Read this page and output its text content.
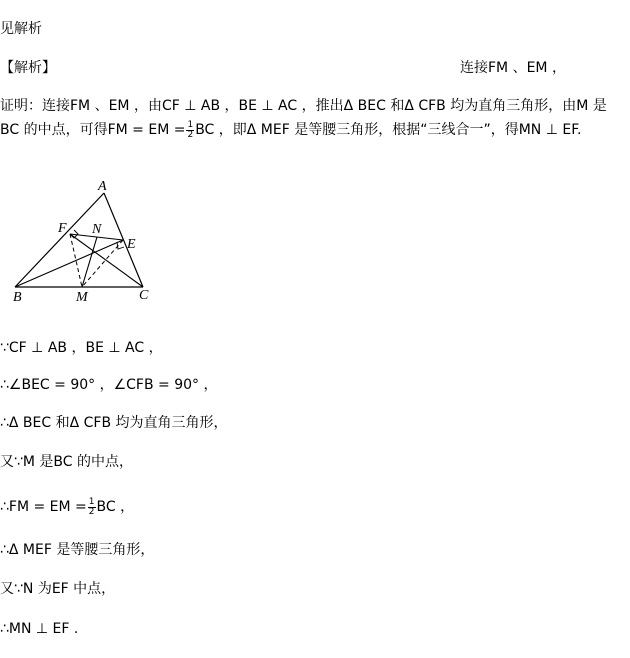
见解析
【解析】	连接FM 、EM ，
证明：连接FM 、EM ，由CF ⊥ AB ，BE ⊥ AC ，推出Δ BEC 和Δ CFB 均为直角三角形，由M 是
BC 的中点，可得FM = EM = $\frac{1}{2}$ BC ，即Δ MEF 是等腰三角形，根据“三线合一”，得MN ⊥ EF.
A
F N
E
B	M	C
∵CF ⊥ AB ，BE ⊥ AC ，
∴∠BEC = 90° ，∠CFB = 90° ，
∴Δ BEC 和Δ CFB 均为直角三角形，
又∵M 是BC 的中点，
∴FM = EM = $\frac{1}{2}$ BC ，
∴Δ MEF 是等腰三角形，
又∵N 为EF 中点，
∴MN ⊥ EF .
